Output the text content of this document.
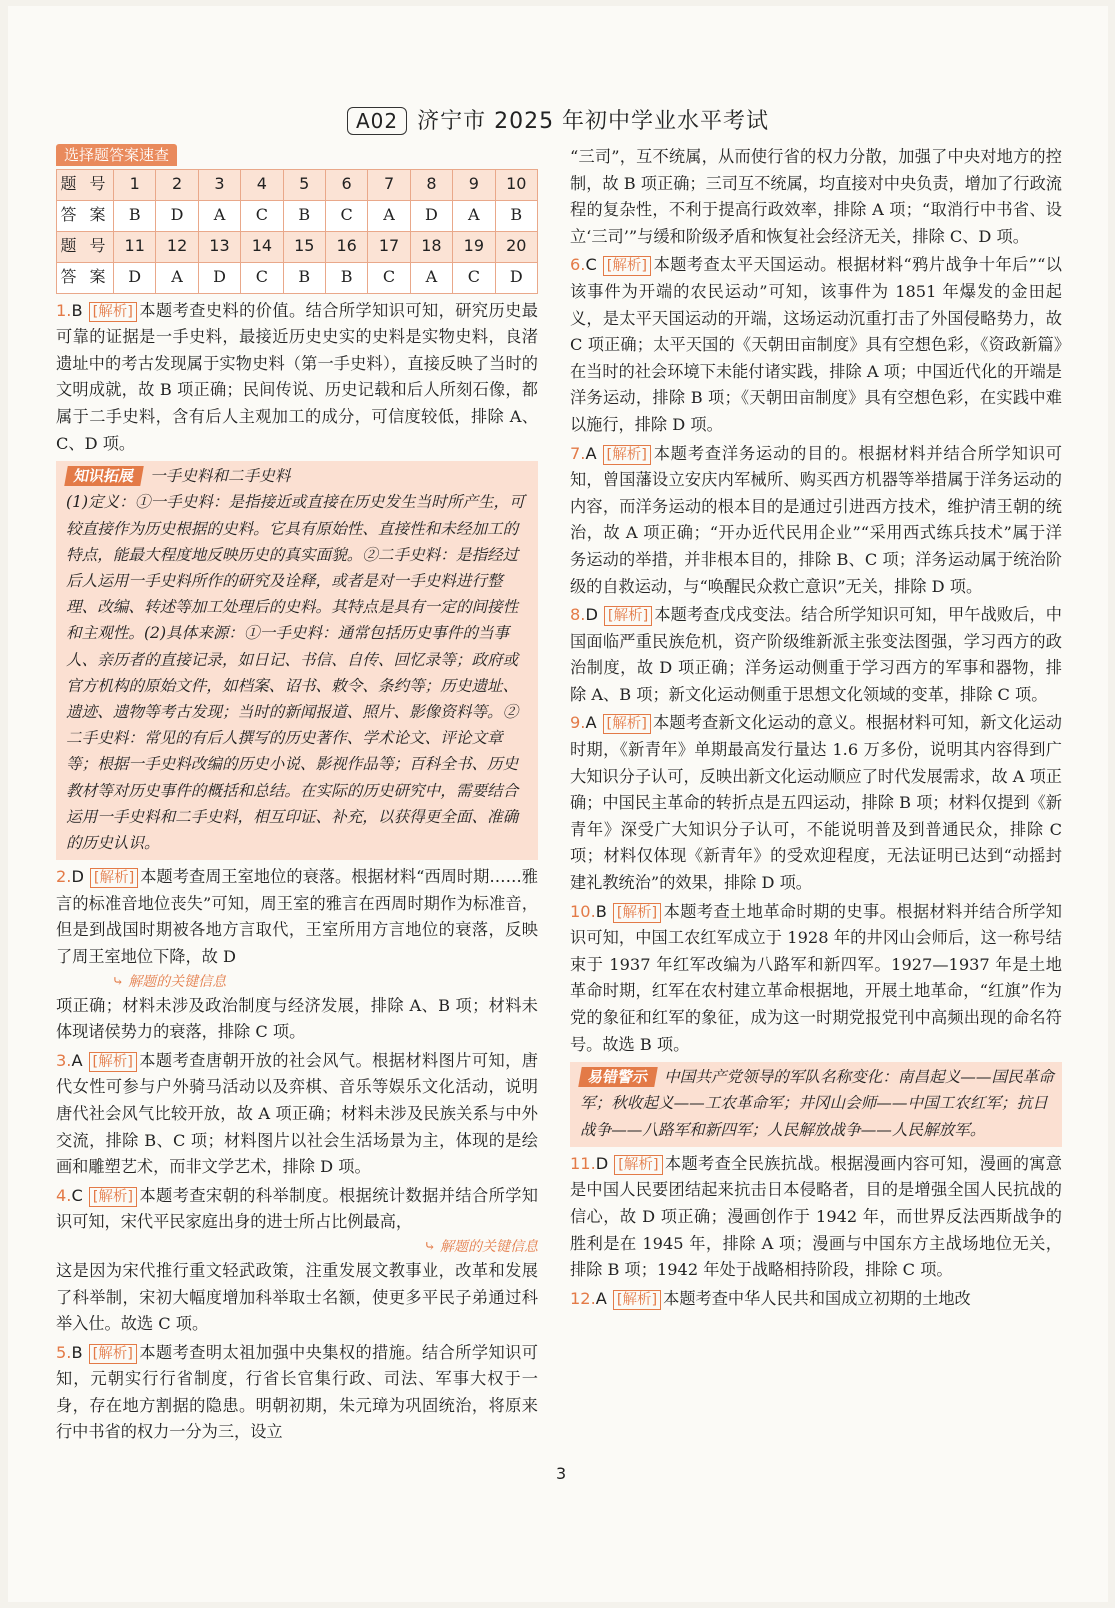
A02 济宁市 2025 年初中学业水平考试
选择题答案速查
题 号	1	2	3	4	5	6	7	8	9	10
答 案	B	D	A	C	B	C	A	D	A	B
题 号	11	12	13	14	15	16	17	18	19	20
答 案	D	A	D	C	B	B	C	A	C	D
1.B [解析] 本题考查史料的价值。结合所学知识可知，研究历史最可靠的证据是一手史料，最接近历史史实的史料是实物史料，良渚遗址中的考古发现属于实物史料（第一手史料），直接反映了当时的文明成就，故 B 项正确；民间传说、历史记载和后人所刻石像，都属于二手史料，含有后人主观加工的成分，可信度较低，排除 A、C、D 项。
知识拓展 一手史料和二手史料
(1)定义：①一手史料：是指接近或直接在历史发生当时所产生，可较直接作为历史根据的史料。它具有原始性、直接性和未经加工的特点，能最大程度地反映历史的真实面貌。②二手史料：是指经过后人运用一手史料所作的研究及诠释，或者是对一手史料进行整理、改编、转述等加工处理后的史料。其特点是具有一定的间接性和主观性。(2)具体来源：①一手史料：通常包括历史事件的当事人、亲历者的直接记录，如日记、书信、自传、回忆录等；政府或官方机构的原始文件，如档案、诏书、敕令、条约等；历史遗址、遗迹、遗物等考古发现；当时的新闻报道、照片、影像资料等。②二手史料：常见的有后人撰写的历史著作、学术论文、评论文章等；根据一手史料改编的历史小说、影视作品等；百科全书、历史教材等对历史事件的概括和总结。在实际的历史研究中，需要结合运用一手史料和二手史料，相互印证、补充，以获得更全面、准确的历史认识。
2.D [解析] 本题考查周王室地位的衰落。根据材料“西周时期……雅言的标准音地位丧失”可知，周王室的雅言在西周时期作为标准音，但是到战国时期被各地方言取代，王室所用方言地位的衰落，反映了周王室地位下降，故 D
　　　　⤷ 解题的关键信息
项正确；材料未涉及政治制度与经济发展，排除 A、B 项；材料未体现诸侯势力的衰落，排除 C 项。
3.A [解析] 本题考查唐朝开放的社会风气。根据材料图片可知，唐代女性可参与户外骑马活动以及弈棋、音乐等娱乐文化活动，说明唐代社会风气比较开放，故 A 项正确；材料未涉及民族关系与中外交流，排除 B、C 项；材料图片以社会生活场景为主，体现的是绘画和雕塑艺术，而非文学艺术，排除 D 项。
4.C [解析] 本题考查宋朝的科举制度。根据统计数据并结合所学知识可知，宋代平民家庭出身的进士所占比例最高，
⤷ 解题的关键信息
这是因为宋代推行重文轻武政策，注重发展文教事业，改革和发展了科举制，宋初大幅度增加科举取士名额，使更多平民子弟通过科举入仕。故选 C 项。
5.B [解析] 本题考查明太祖加强中央集权的措施。结合所学知识可知，元朝实行行省制度，行省长官集行政、司法、军事大权于一身，存在地方割据的隐患。明朝初期，朱元璋为巩固统治，将原来行中书省的权力一分为三，设立
“三司”，互不统属，从而使行省的权力分散，加强了中央对地方的控制，故 B 项正确；三司互不统属，均直接对中央负责，增加了行政流程的复杂性，不利于提高行政效率，排除 A 项；“取消行中书省、设立‘三司’”与缓和阶级矛盾和恢复社会经济无关，排除 C、D 项。
6.C [解析] 本题考查太平天国运动。根据材料“鸦片战争十年后”“以该事件为开端的农民运动”可知，该事件为 1851 年爆发的金田起义，是太平天国运动的开端，这场运动沉重打击了外国侵略势力，故 C 项正确；太平天国的《天朝田亩制度》具有空想色彩，《资政新篇》在当时的社会环境下未能付诸实践，排除 A 项；中国近代化的开端是洋务运动，排除 B 项；《天朝田亩制度》具有空想色彩，在实践中难以施行，排除 D 项。
7.A [解析] 本题考查洋务运动的目的。根据材料并结合所学知识可知，曾国藩设立安庆内军械所、购买西方机器等举措属于洋务运动的内容，而洋务运动的根本目的是通过引进西方技术，维护清王朝的统治，故 A 项正确；“开办近代民用企业”“采用西式练兵技术”属于洋务运动的举措，并非根本目的，排除 B、C 项；洋务运动属于统治阶级的自救运动，与“唤醒民众救亡意识”无关，排除 D 项。
8.D [解析] 本题考查戊戌变法。结合所学知识可知，甲午战败后，中国面临严重民族危机，资产阶级维新派主张变法图强，学习西方的政治制度，故 D 项正确；洋务运动侧重于学习西方的军事和器物，排除 A、B 项；新文化运动侧重于思想文化领域的变革，排除 C 项。
9.A [解析] 本题考查新文化运动的意义。根据材料可知，新文化运动时期，《新青年》单期最高发行量达 1.6 万多份，说明其内容得到广大知识分子认可，反映出新文化运动顺应了时代发展需求，故 A 项正确；中国民主革命的转折点是五四运动，排除 B 项；材料仅提到《新青年》深受广大知识分子认可，不能说明普及到普通民众，排除 C 项；材料仅体现《新青年》的受欢迎程度，无法证明已达到“动摇封建礼教统治”的效果，排除 D 项。
10.B [解析] 本题考查土地革命时期的史事。根据材料并结合所学知识可知，中国工农红军成立于 1928 年的井冈山会师后，这一称号结束于 1937 年红军改编为八路军和新四军。1927—1937 年是土地革命时期，红军在农村建立革命根据地，开展土地革命，“红旗”作为党的象征和红军的象征，成为这一时期党报党刊中高频出现的命名符号。故选 B 项。
易错警示 中国共产党领导的军队名称变化：南昌起义——国民革命军；秋收起义——工农革命军；井冈山会师——中国工农红军；抗日战争——八路军和新四军；人民解放战争——人民解放军。
11.D [解析] 本题考查全民族抗战。根据漫画内容可知，漫画的寓意是中国人民要团结起来抗击日本侵略者，目的是增强全国人民抗战的信心，故 D 项正确；漫画创作于 1942 年，而世界反法西斯战争的胜利是在 1945 年，排除 A 项；漫画与中国东方主战场地位无关，排除 B 项；1942 年处于战略相持阶段，排除 C 项。
12.A [解析] 本题考查中华人民共和国成立初期的土地改
3
